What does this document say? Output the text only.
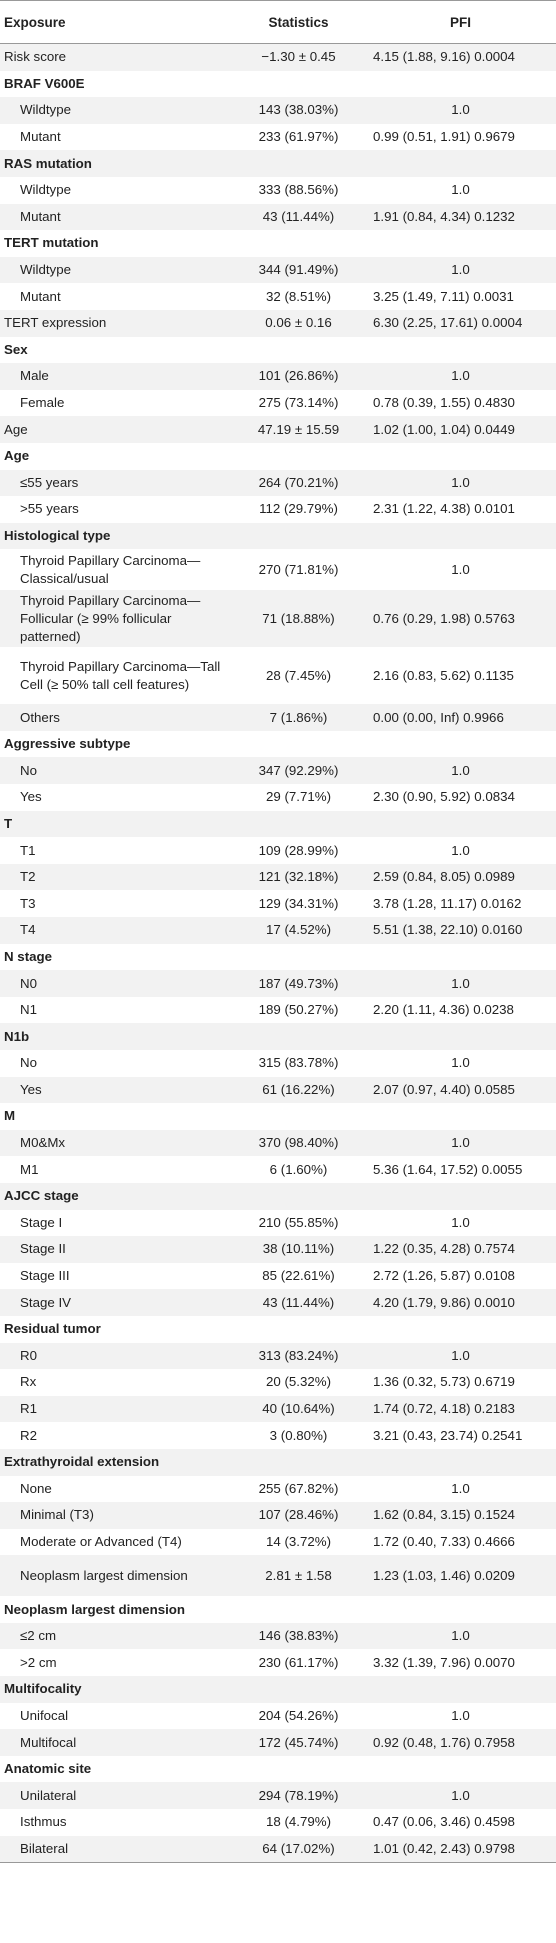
Exposure	Statistics	PFI
Risk score	−1.30 ± 0.45	4.15 (1.88, 9.16) 0.0004
BRAF V600E		
Wildtype	143 (38.03%)	1.0
Mutant	233 (61.97%)	0.99 (0.51, 1.91) 0.9679
RAS mutation		
Wildtype	333 (88.56%)	1.0
Mutant	43 (11.44%)	1.91 (0.84, 4.34) 0.1232
TERT mutation		
Wildtype	344 (91.49%)	1.0
Mutant	32 (8.51%)	3.25 (1.49, 7.11) 0.0031
TERT expression	0.06 ± 0.16	6.30 (2.25, 17.61) 0.0004
Sex		
Male	101 (26.86%)	1.0
Female	275 (73.14%)	0.78 (0.39, 1.55) 0.4830
Age	47.19 ± 15.59	1.02 (1.00, 1.04) 0.0449
Age		
≤55 years	264 (70.21%)	1.0
>55 years	112 (29.79%)	2.31 (1.22, 4.38) 0.0101
Histological type		
Thyroid Papillary Carcinoma—Classical/usual	270 (71.81%)	1.0
Thyroid Papillary Carcinoma—Follicular (≥ 99% follicular patterned)	71 (18.88%)	0.76 (0.29, 1.98) 0.5763
Thyroid Papillary Carcinoma—Tall Cell (≥ 50% tall cell features)	28 (7.45%)	2.16 (0.83, 5.62) 0.1135
Others	7 (1.86%)	0.00 (0.00, Inf) 0.9966
Aggressive subtype		
No	347 (92.29%)	1.0
Yes	29 (7.71%)	2.30 (0.90, 5.92) 0.0834
T		
T1	109 (28.99%)	1.0
T2	121 (32.18%)	2.59 (0.84, 8.05) 0.0989
T3	129 (34.31%)	3.78 (1.28, 11.17) 0.0162
T4	17 (4.52%)	5.51 (1.38, 22.10) 0.0160
N stage		
N0	187 (49.73%)	1.0
N1	189 (50.27%)	2.20 (1.11, 4.36) 0.0238
N1b		
No	315 (83.78%)	1.0
Yes	61 (16.22%)	2.07 (0.97, 4.40) 0.0585
M		
M0&Mx	370 (98.40%)	1.0
M1	6 (1.60%)	5.36 (1.64, 17.52) 0.0055
AJCC stage		
Stage I	210 (55.85%)	1.0
Stage II	38 (10.11%)	1.22 (0.35, 4.28) 0.7574
Stage III	85 (22.61%)	2.72 (1.26, 5.87) 0.0108
Stage IV	43 (11.44%)	4.20 (1.79, 9.86) 0.0010
Residual tumor		
R0	313 (83.24%)	1.0
Rx	20 (5.32%)	1.36 (0.32, 5.73) 0.6719
R1	40 (10.64%)	1.74 (0.72, 4.18) 0.2183
R2	3 (0.80%)	3.21 (0.43, 23.74) 0.2541
Extrathyroidal extension		
None	255 (67.82%)	1.0
Minimal (T3)	107 (28.46%)	1.62 (0.84, 3.15) 0.1524
Moderate or Advanced (T4)	14 (3.72%)	1.72 (0.40, 7.33) 0.4666
Neoplasm largest dimension	2.81 ± 1.58	1.23 (1.03, 1.46) 0.0209
Neoplasm largest dimension		
≤2 cm	146 (38.83%)	1.0
>2 cm	230 (61.17%)	3.32 (1.39, 7.96) 0.0070
Multifocality		
Unifocal	204 (54.26%)	1.0
Multifocal	172 (45.74%)	0.92 (0.48, 1.76) 0.7958
Anatomic site		
Unilateral	294 (78.19%)	1.0
Isthmus	18 (4.79%)	0.47 (0.06, 3.46) 0.4598
Bilateral	64 (17.02%)	1.01 (0.42, 2.43) 0.9798
